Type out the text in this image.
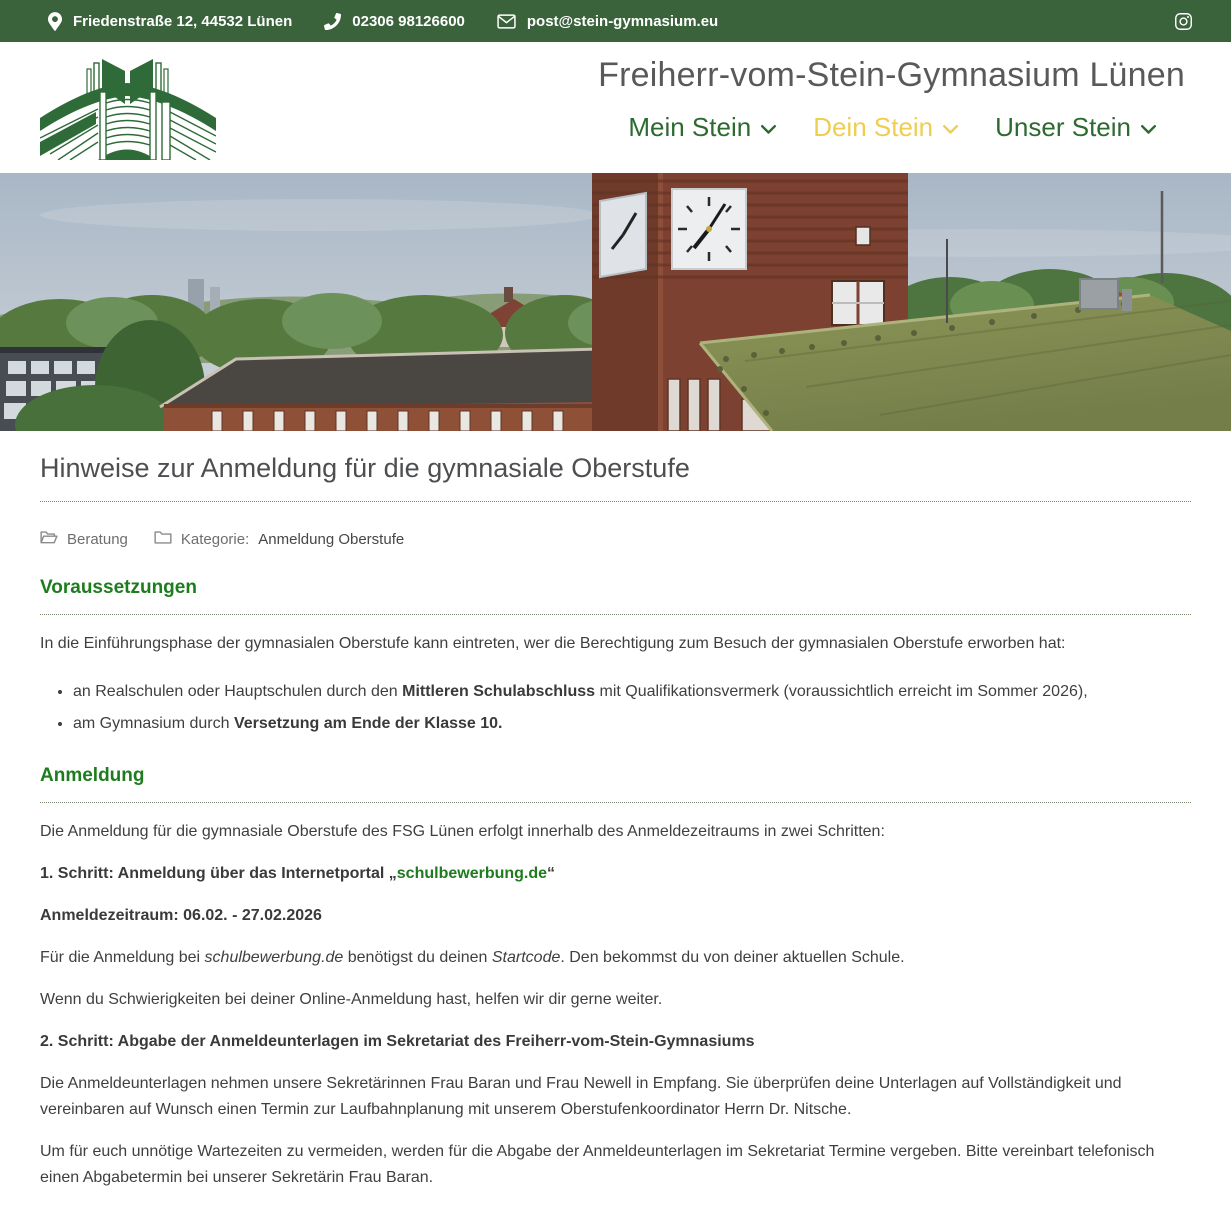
Friedenstraße 12, 44532 Lünen	02306 98126600	post@stein-gymnasium.eu
Freiherr-vom-Stein-Gymnasium Lünen
Mein Stein Dein Stein Unser Stein
Hinweise zur Anmeldung für die gymnasiale Oberstufe
Beratung	Kategorie: Anmeldung Oberstufe
Voraussetzungen

In die Einführungsphase der gymnasialen Oberstufe kann eintreten, wer die Berechtigung zum Besuch der gymnasialen Oberstufe erworben hat:

• an Realschulen oder Hauptschulen durch den Mittleren Schulabschluss mit Qualifikationsvermerk (voraussichtlich erreicht im Sommer 2026),
• am Gymnasium durch Versetzung am Ende der Klasse 10.
Anmeldung

Die Anmeldung für die gymnasiale Oberstufe des FSG Lünen erfolgt innerhalb des Anmeldezeitraums in zwei Schritten:

1. Schritt: Anmeldung über das Internetportal „schulbewerbung.de“

Anmeldezeitraum: 06.02. - 27.02.2026

Für die Anmeldung bei schulbewerbung.de benötigst du deinen Startcode. Den bekommst du von deiner aktuellen Schule.

Wenn du Schwierigkeiten bei deiner Online-Anmeldung hast, helfen wir dir gerne weiter.

2. Schritt: Abgabe der Anmeldeunterlagen im Sekretariat des Freiherr-vom-Stein-Gymnasiums

Die Anmeldeunterlagen nehmen unsere Sekretärinnen Frau Baran und Frau Newell in Empfang. Sie überprüfen deine Unterlagen auf Vollständigkeit und vereinbaren auf Wunsch einen Termin zur Laufbahnplanung mit unserem Oberstufenkoordinator Herrn Dr. Nitsche.

Um für euch unnötige Wartezeiten zu vermeiden, werden für die Abgabe der Anmeldeunterlagen im Sekretariat Termine vergeben. Bitte vereinbart telefonisch einen Abgabetermin bei unserer Sekretärin Frau Baran.
